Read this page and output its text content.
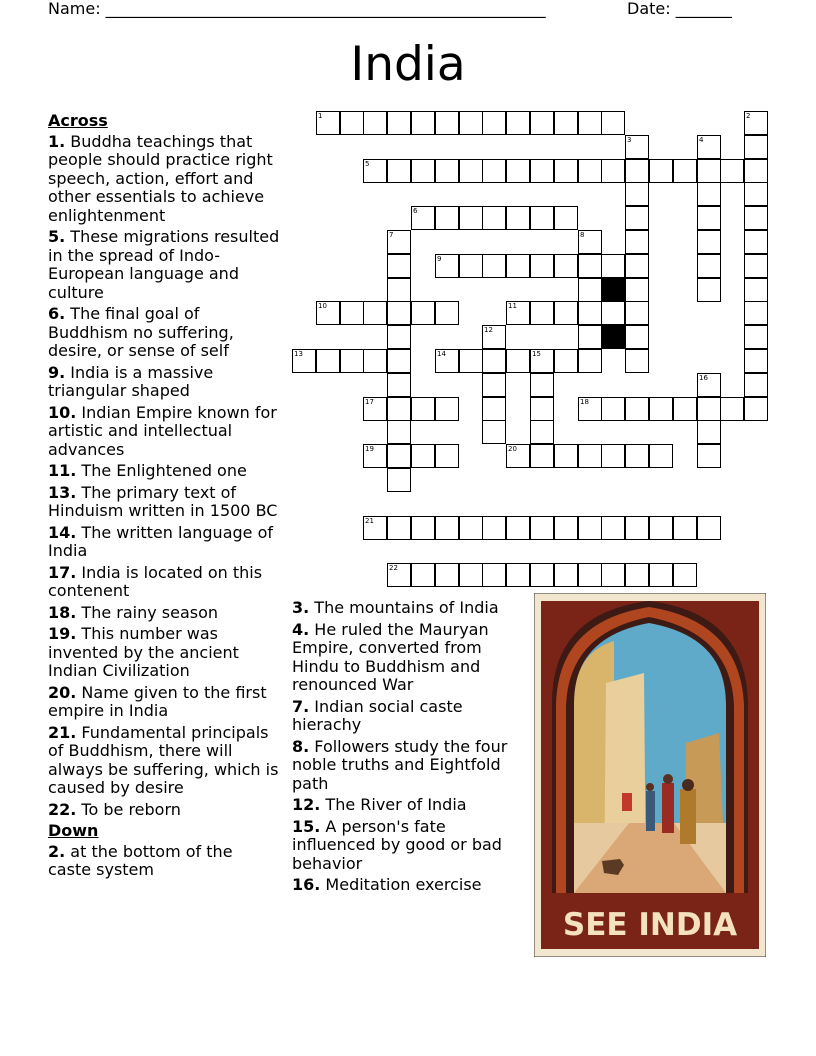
Name: _______________________________________________________	Date: _______
India
1	2
3	4
5
6
7	8
9
10	11
12
13	14	15
16
17	18
19	20
21
22
Across
1. Buddha teachings that people should practice right speech, action, effort and other essentials to achieve enlightenment
5. These migrations resulted in the spread of Indo-European language and culture
6. The final goal of Buddhism no suffering, desire, or sense of self
9. India is a massive triangular shaped
10. Indian Empire known for artistic and intellectual advances
11. The Enlightened one
13. The primary text of Hinduism written in 1500 BC
14. The written language of India
17. India is located on this contenent
18. The rainy season
19. This number was invented by the ancient Indian Civilization
20. Name given to the first empire in India
21. Fundamental principals of Buddhism, there will always be suffering, which is caused by desire
22. To be reborn
Down
2. at the bottom of the caste system
3. The mountains of India
4. He ruled the Mauryan Empire, converted from Hindu to Buddhism and renounced War
7. Indian social caste hierachy
8. Followers study the four noble truths and Eightfold path
12. The River of India
15. A person's fate influenced by good or bad behavior
16. Meditation exercise
SEE INDIA
